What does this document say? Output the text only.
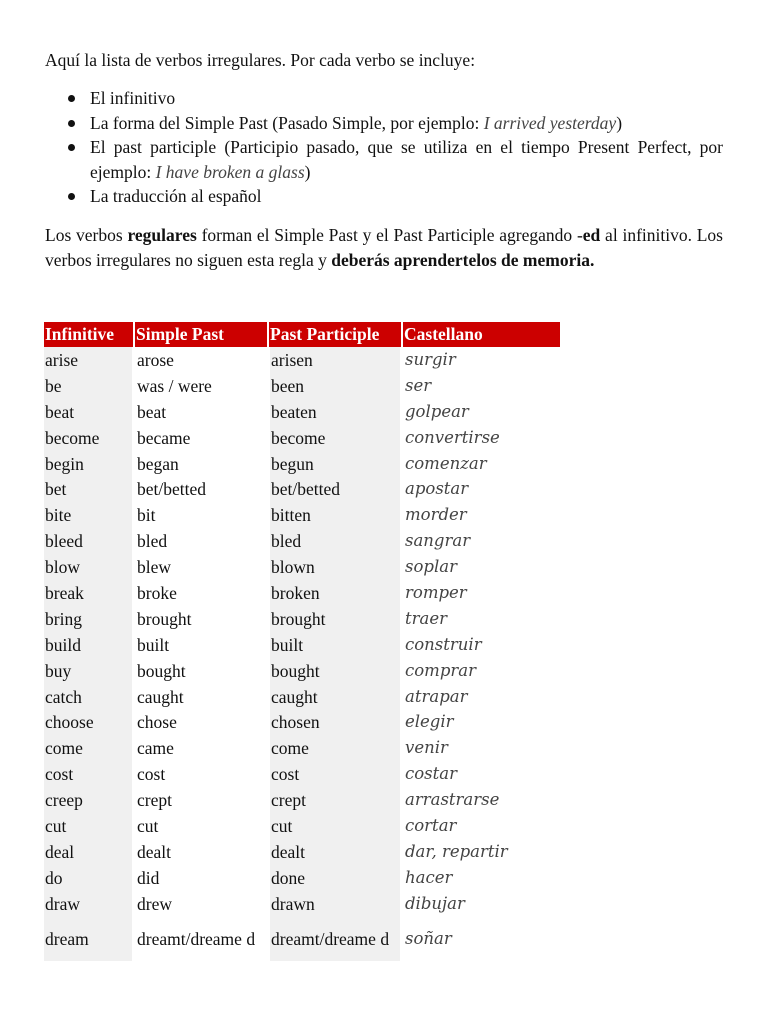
Aquí la lista de verbos irregulares. Por cada verbo se incluye:

El infinitivo
La forma del Simple Past (Pasado Simple, por ejemplo: I arrived yesterday)
El past participle (Participio pasado, que se utiliza en el tiempo Present Perfect, por ejemplo: I have broken a glass)
La traducción al español

Los verbos regulares forman el Simple Past y el Past Participle agregando -ed al infinitivo. Los verbos irregulares no siguen esta regla y deberás aprendertelos de memoria.

Infinitive	Simple Past	Past Participle	Castellano
arise	arose	arisen	surgir
be	was / were	been	ser
beat	beat	beaten	golpear
become	became	become	convertirse
begin	began	begun	comenzar
bet	bet/betted	bet/betted	apostar
bite	bit	bitten	morder
bleed	bled	bled	sangrar
blow	blew	blown	soplar
break	broke	broken	romper
bring	brought	brought	traer
build	built	built	construir
buy	bought	bought	comprar
catch	caught	caught	atrapar
choose	chose	chosen	elegir
come	came	come	venir
cost	cost	cost	costar
creep	crept	crept	arrastrarse
cut	cut	cut	cortar
deal	dealt	dealt	dar, repartir
do	did	done	hacer
draw	drew	drawn	dibujar
dream	dreamt/dreame d	dreamt/dreame d	soñar
